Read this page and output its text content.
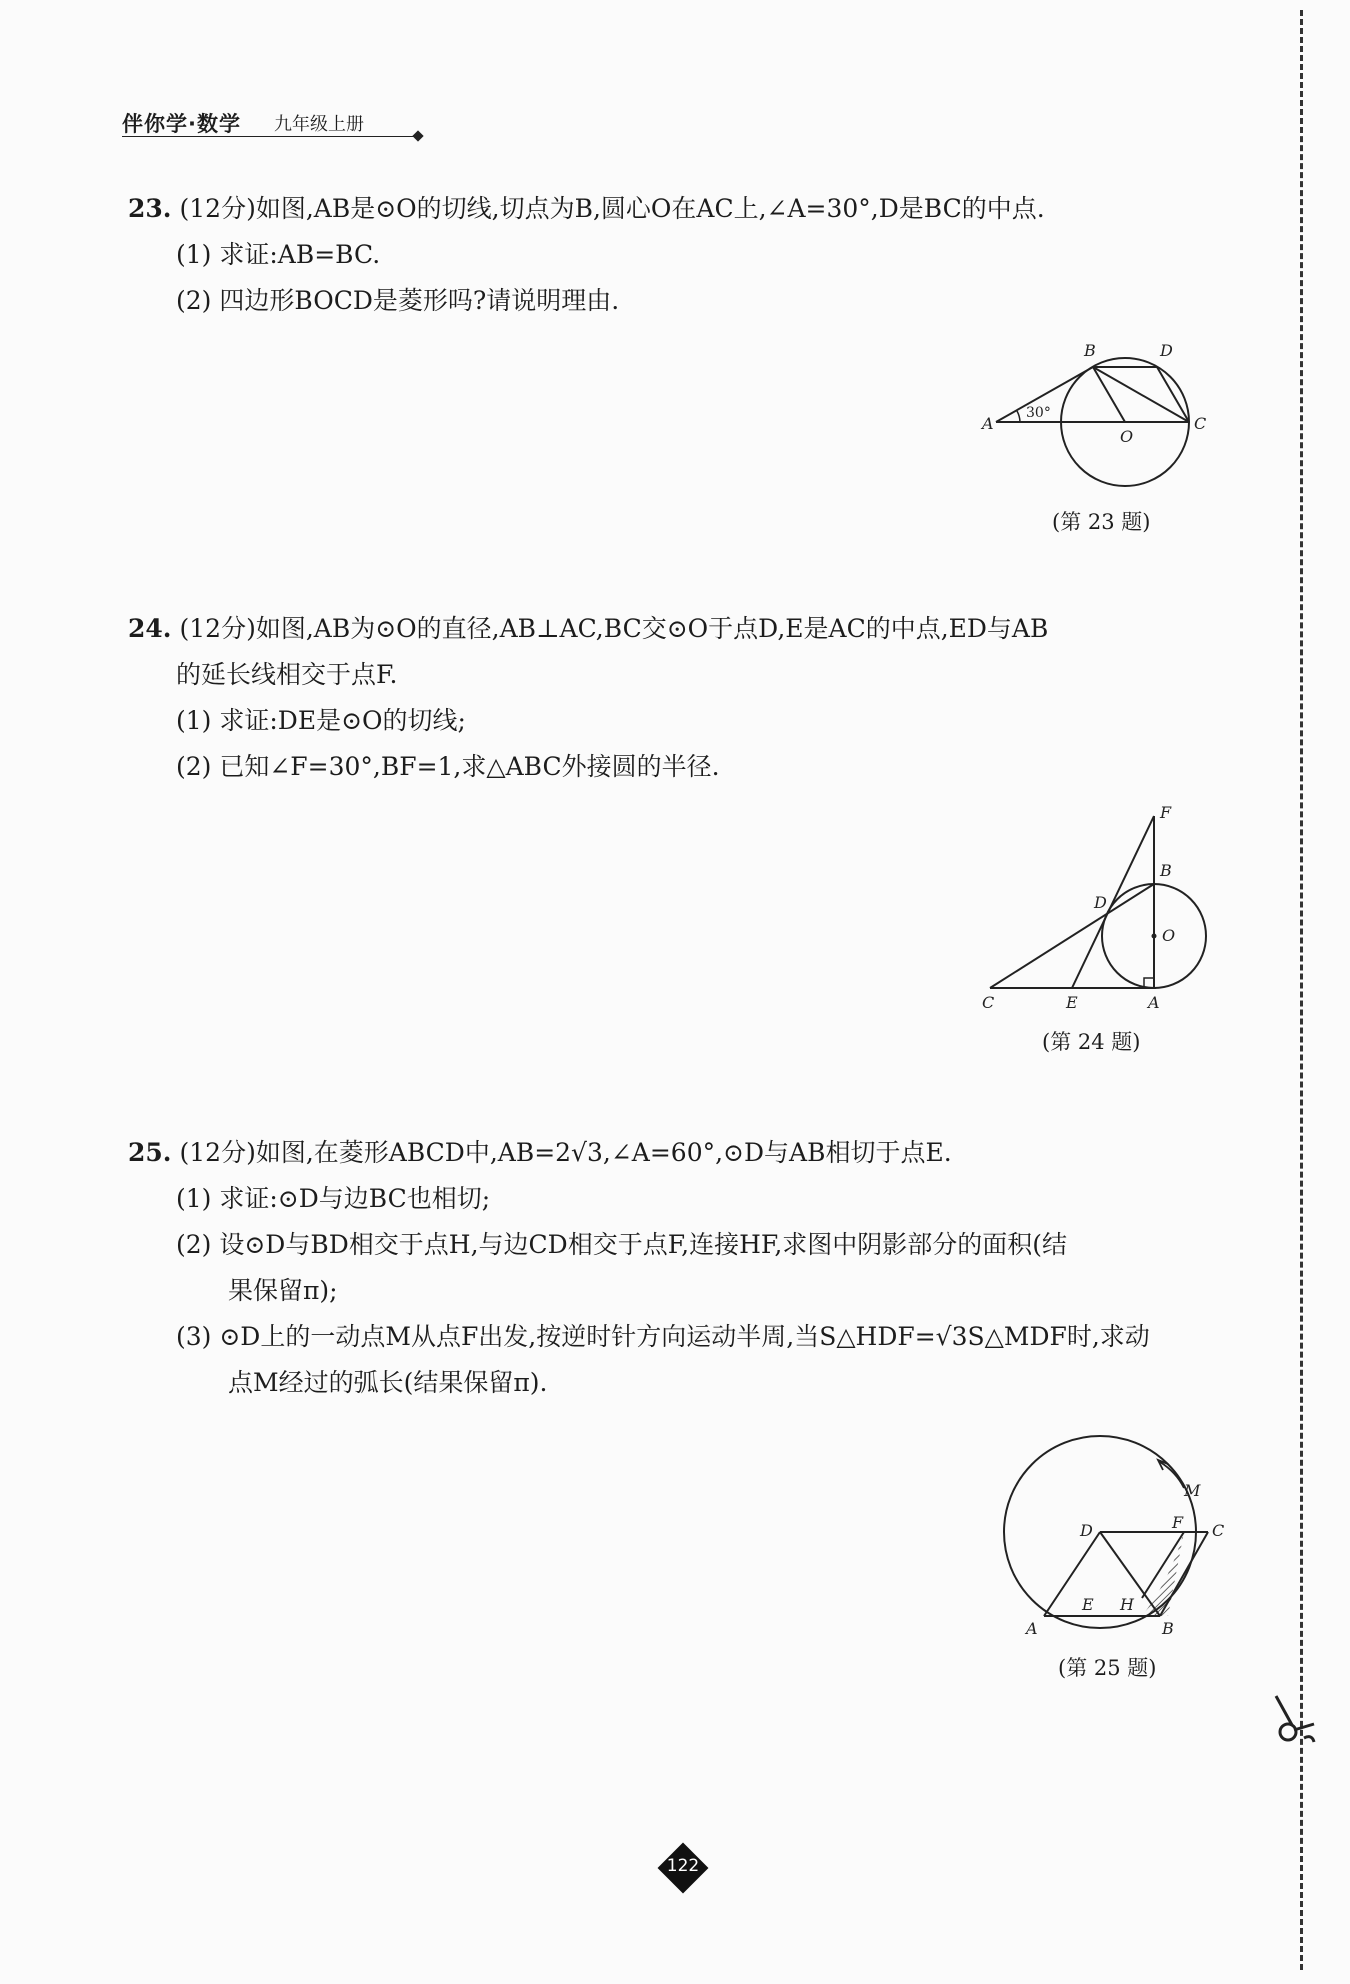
伴你学·数学 九年级上册
23. (12分)如图,AB是⊙O的切线,切点为B,圆心O在AC上,∠A=30°,D是BC的中点.
(1) 求证:AB=BC.
(2) 四边形BOCD是菱形吗?请说明理由.
B	D
A
30°
O
C
(第 23 题)
24. (12分)如图,AB为⊙O的直径,AB⊥AC,BC交⊙O于点D,E是AC的中点,ED与AB
的延长线相交于点F.
(1) 求证:DE是⊙O的切线;
(2) 已知∠F=30°,BF=1,求△ABC外接圆的半径.
F
B
D
O
C	E	A
(第 24 题)
25. (12分)如图,在菱形ABCD中,AB=2√3,∠A=60°,⊙D与AB相切于点E.
(1) 求证:⊙D与边BC也相切;
(2) 设⊙D与BD相交于点H,与边CD相交于点F,连接HF,求图中阴影部分的面积(结
果保留π);
(3) ⊙D上的一动点M从点F出发,按逆时针方向运动半周,当S△HDF=√3S△MDF时,求动
点M经过的弧长(结果保留π).
M
D	F C
E H
A	B
(第 25 题)
122
